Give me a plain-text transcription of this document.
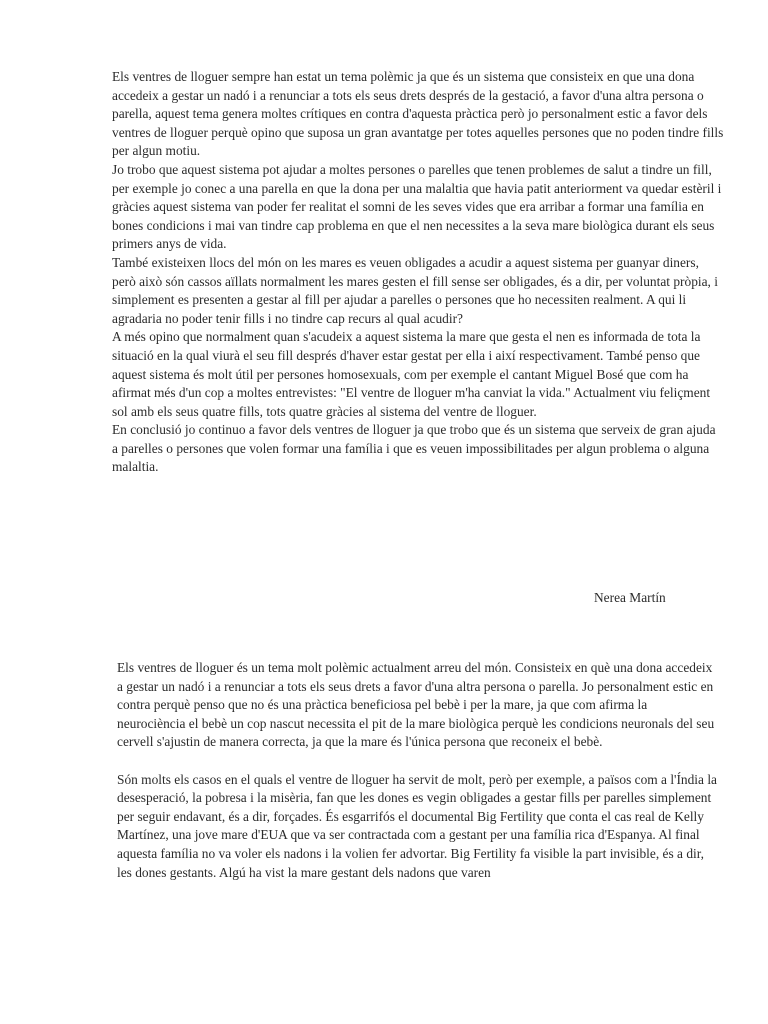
Els ventres de lloguer sempre han estat un tema polèmic ja que és un sistema que consisteix en que una dona accedeix a gestar un nadó i a renunciar a tots els seus drets després de la gestació, a favor d'una altra persona o parella, aquest tema genera moltes crítiques en contra d'aquesta pràctica però jo personalment estic a favor dels ventres de lloguer perquè opino que suposa un gran avantatge per totes aquelles persones que no poden tindre fills per algun motiu.

Jo trobo que aquest sistema pot ajudar a moltes persones o parelles que tenen problemes de salut a tindre un fill, per exemple jo conec a una parella en que la dona per una malaltia que havia patit anteriorment va quedar estèril i gràcies aquest sistema van poder fer realitat el somni de les seves vides que era arribar a formar una família en bones condicions i mai van tindre cap problema en que el nen necessites a la seva mare biològica durant els seus primers anys de vida.

També existeixen llocs del món on les mares es veuen obligades a acudir a aquest sistema per guanyar diners, però això són cassos aïllats normalment les mares gesten el fill sense ser obligades, és a dir, per voluntat pròpia, i simplement es presenten a gestar al fill per ajudar a parelles o persones que ho necessiten realment. A qui li agradaria no poder tenir fills i no tindre cap recurs al qual acudir?

A més opino que normalment quan s'acudeix a aquest sistema la mare que gesta el nen es informada de tota la situació en la qual viurà el seu fill després d'haver estar gestat per ella i així respectivament. També penso que aquest sistema és molt útil per persones homosexuals, com per exemple el cantant Miguel Bosé que com ha afirmat més d'un cop a moltes entrevistes: "El ventre de lloguer m'ha canviat la vida." Actualment viu feliçment sol amb els seus quatre fills, tots quatre gràcies al sistema del ventre de lloguer.

En conclusió jo continuo a favor dels ventres de lloguer ja que trobo que és un sistema que serveix de gran ajuda a parelles o persones que volen formar una família i que es veuen impossibilitades per algun problema o alguna malaltia.

Nerea Martín

Els ventres de lloguer és un tema molt polèmic actualment arreu del món. Consisteix en què una dona accedeix a gestar un nadó i a renunciar a tots els seus drets a favor d'una altra persona o parella. Jo personalment estic en contra perquè penso que no és una pràctica beneficiosa pel bebè i per la mare, ja que com afirma la neurociència el bebè un cop nascut necessita el pit de la mare biològica perquè les condicions neuronals del seu cervell s'ajustin de manera correcta, ja que la mare és l'única persona que reconeix el bebè.

Són molts els casos en el quals el ventre de lloguer ha servit de molt, però per exemple, a països com a l'Índia la desesperació, la pobresa i la misèria, fan que les dones es vegin obligades a gestar fills per parelles simplement per seguir endavant, és a dir, forçades. És esgarrifós el documental Big Fertility que conta el cas real de Kelly Martínez, una jove mare d'EUA que va ser contractada com a gestant per una família rica d'Espanya. Al final aquesta família no va voler els nadons i la volien fer advortar. Big Fertility fa visible la part invisible, és a dir, les dones gestants. Algú ha vist la mare gestant dels nadons que varen
